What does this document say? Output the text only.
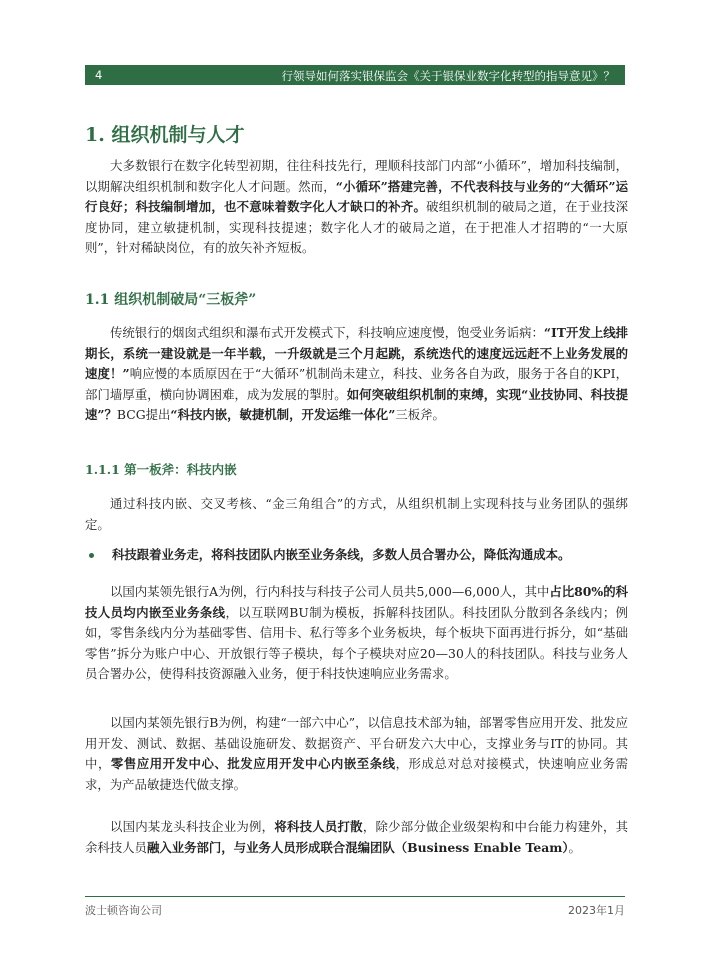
4	行领导如何落实银保监会《关于银保业数字化转型的指导意见》？
1. 组织机制与人才

大多数银行在数字化转型初期，往往科技先行，理顺科技部门内部“小循环”，增加科技编制，以期解决组织机制和数字化人才问题。然而，“小循环”搭建完善，不代表科技与业务的“大循环”运行良好；科技编制增加，也不意味着数字化人才缺口的补齐。破组织机制的破局之道，在于业技深度协同，建立敏捷机制，实现科技提速；数字化人才的破局之道，在于把准人才招聘的“一大原则”，针对稀缺岗位，有的放矢补齐短板。

1.1 组织机制破局“三板斧”

传统银行的烟囱式组织和瀑布式开发模式下，科技响应速度慢，饱受业务诟病：“IT开发上线排期长，系统一建设就是一年半载，一升级就是三个月起跳，系统迭代的速度远远赶不上业务发展的速度！”响应慢的本质原因在于“大循环”机制尚未建立，科技、业务各自为政，服务于各自的KPI，部门墙厚重，横向协调困难，成为发展的掣肘。如何突破组织机制的束缚，实现“业技协同、科技提速”？BCG提出“科技内嵌，敏捷机制，开发运维一体化”三板斧。

1.1.1 第一板斧：科技内嵌

通过科技内嵌、交叉考核、“金三角组合”的方式，从组织机制上实现科技与业务团队的强绑定。

科技跟着业务走，将科技团队内嵌至业务条线，多数人员合署办公，降低沟通成本。

以国内某领先银行A为例，行内科技与科技子公司人员共5,000—6,000人，其中占比80%的科技人员均内嵌至业务条线，以互联网BU制为模板，拆解科技团队。科技团队分散到各条线内；例如，零售条线内分为基础零售、信用卡、私行等多个业务板块，每个板块下面再进行拆分，如“基础零售”拆分为账户中心、开放银行等子模块，每个子模块对应20—30人的科技团队。科技与业务人员合署办公，使得科技资源融入业务，便于科技快速响应业务需求。

以国内某领先银行B为例，构建“一部六中心”，以信息技术部为轴，部署零售应用开发、批发应用开发、测试、数据、基础设施研发、数据资产、平台研发六大中心，支撑业务与IT的协同。其中，零售应用开发中心、批发应用开发中心内嵌至条线，形成总对总对接模式，快速响应业务需求，为产品敏捷迭代做支撑。

以国内某龙头科技企业为例，将科技人员打散，除少部分做企业级架构和中台能力构建外，其余科技人员融入业务部门，与业务人员形成联合混编团队（Business Enable Team）。

波士顿咨询公司	2023年1月
